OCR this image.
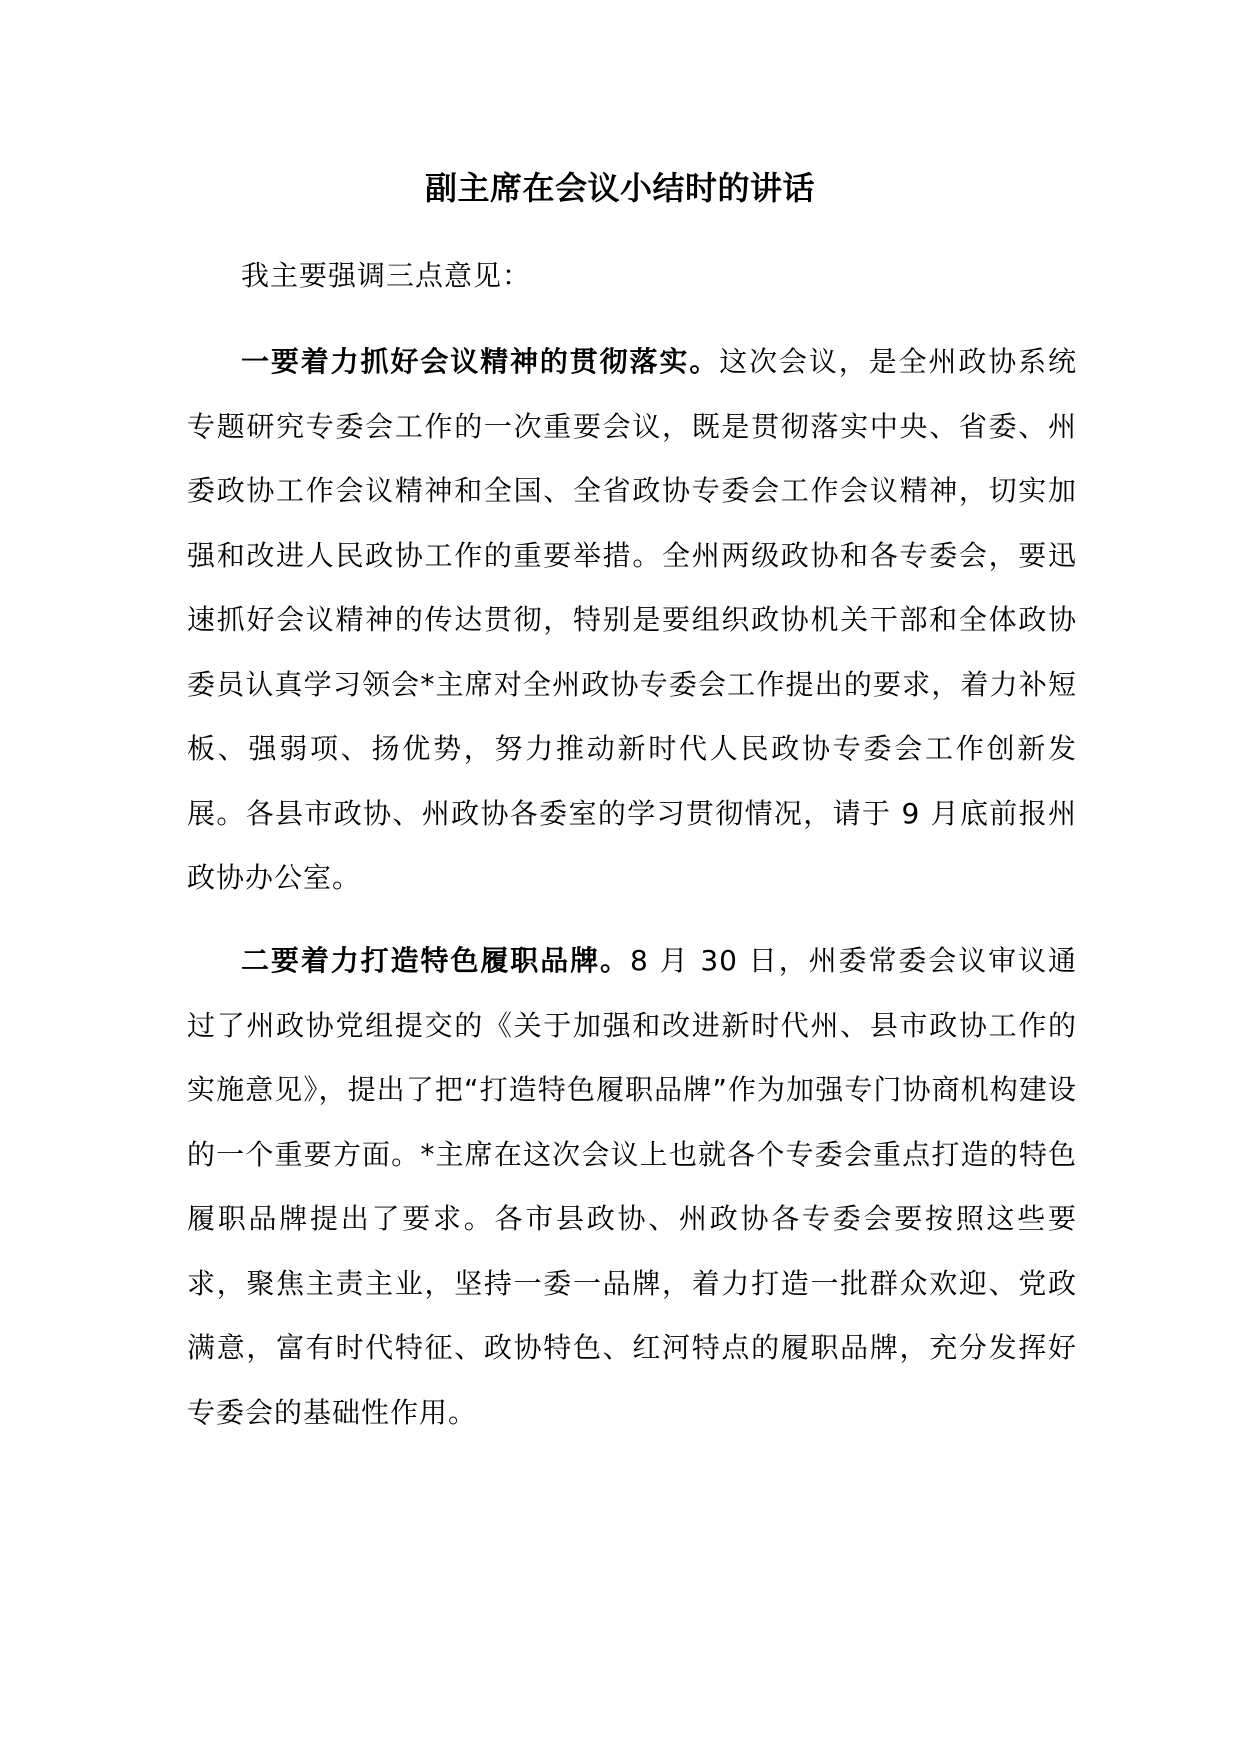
副主席在会议小结时的讲话
我主要强调三点意见：
一要着力抓好会议精神的贯彻落实。这次会议，是全州政协系统专题研究专委会工作的一次重要会议，既是贯彻落实中央、省委、州委政协工作会议精神和全国、全省政协专委会工作会议精神，切实加强和改进人民政协工作的重要举措。全州两级政协和各专委会，要迅速抓好会议精神的传达贯彻，特别是要组织政协机关干部和全体政协委员认真学习领会*主席对全州政协专委会工作提出的要求，着力补短板、强弱项、扬优势，努力推动新时代人民政协专委会工作创新发展。各县市政协、州政协各委室的学习贯彻情况，请于 9 月底前报州政协办公室。
二要着力打造特色履职品牌。8 月 30 日，州委常委会议审议通过了州政协党组提交的《关于加强和改进新时代州、县市政协工作的实施意见》，提出了把“打造特色履职品牌”作为加强专门协商机构建设的一个重要方面。*主席在这次会议上也就各个专委会重点打造的特色履职品牌提出了要求。各市县政协、州政协各专委会要按照这些要求，聚焦主责主业，坚持一委一品牌，着力打造一批群众欢迎、党政满意，富有时代特征、政协特色、红河特点的履职品牌，充分发挥好专委会的基础性作用。
